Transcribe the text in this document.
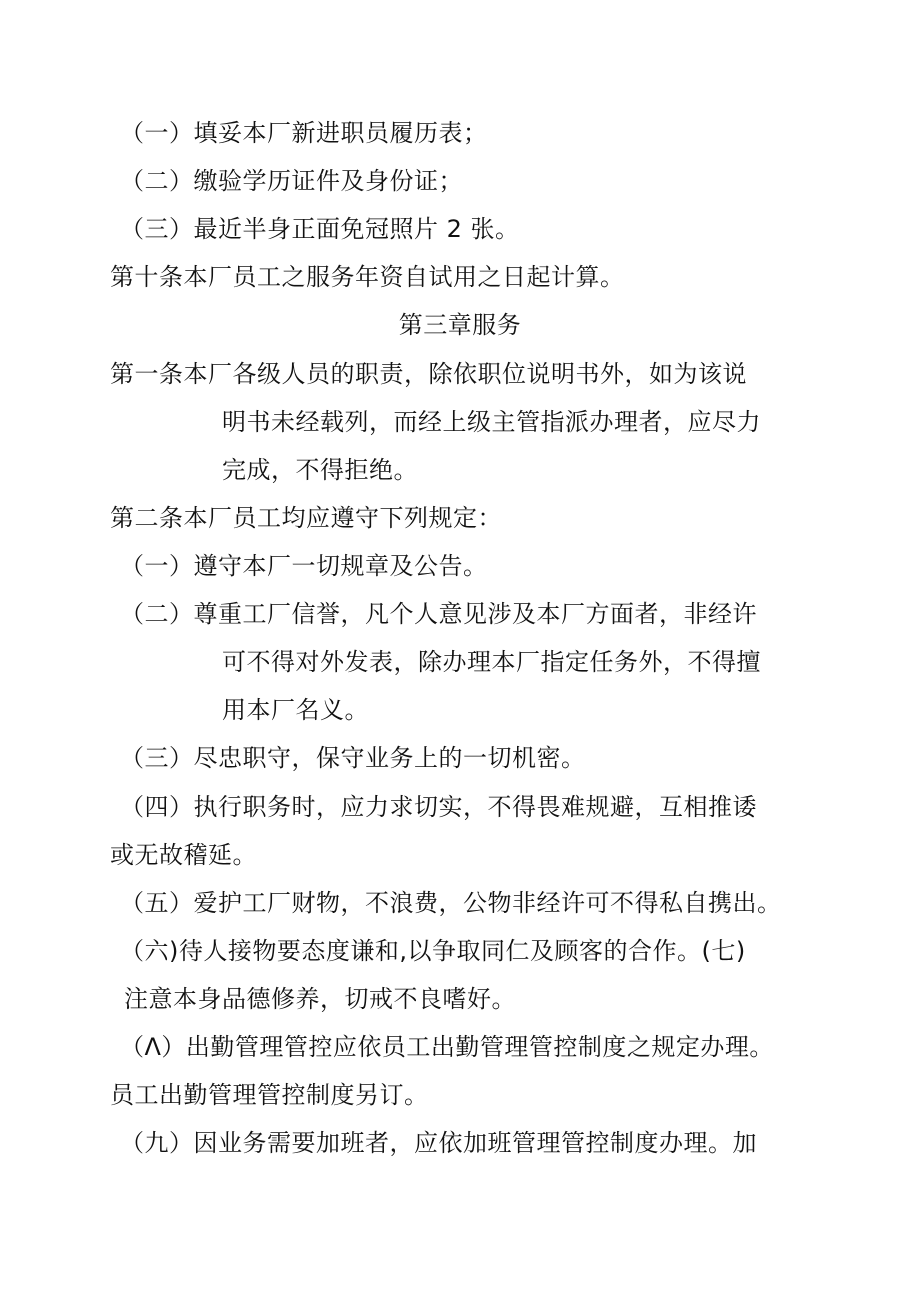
（一）填妥本厂新进职员履历表；
（二）缴验学历证件及身份证；
（三）最近半身正面免冠照片 2 张。
第十条本厂员工之服务年资自试用之日起计算。
第三章服务
第一条本厂各级人员的职责，除依职位说明书外，如为该说
明书未经载列，而经上级主管指派办理者，应尽力
完成，不得拒绝。
第二条本厂员工均应遵守下列规定：
（一）遵守本厂一切规章及公告。
（二）尊重工厂信誉，凡个人意见涉及本厂方面者，非经许
可不得对外发表，除办理本厂指定任务外，不得擅
用本厂名义。
（三）尽忠职守，保守业务上的一切机密。
（四）执行职务时，应力求切实，不得畏难规避，互相推诿
或无故稽延。
（五）爱护工厂财物，不浪费，公物非经许可不得私自携出。
（六)待人接物要态度谦和,以争取同仁及顾客的合作。(七)
注意本身品德修养，切戒不良嗜好。
（Λ）出勤管理管控应依员工出勤管理管控制度之规定办理。
员工出勤管理管控制度另订。
（九）因业务需要加班者，应依加班管理管控制度办理。加
